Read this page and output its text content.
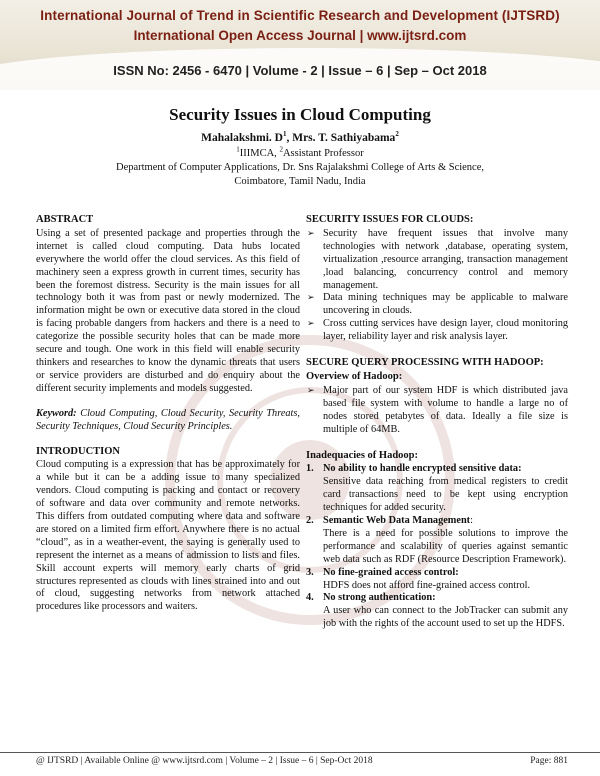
International Journal of Trend in Scientific Research and Development (IJTSRD)
International Open Access Journal | www.ijtsrd.com
ISSN No: 2456 - 6470 | Volume - 2 | Issue – 6 | Sep – Oct 2018
Security Issues in Cloud Computing
Mahalakshmi. $D^1$, Mrs. T. Sathiyabama$^2$
$^1$IIIMCA, $^2$Assistant Professor
Department of Computer Applications, Dr. Sns Rajalakshmi College of Arts & Science,
Coimbatore, Tamil Nadu, India
ABSTRACT
Using a set of presented package and properties through the internet is called cloud computing. Data hubs located everywhere the world offer the cloud services. As this field of machinery seen a express growth in current times, security has been the foremost distress. Security is the main issues for all technology both it was from past or newly modernized. The information might be own or executive data stored in the cloud is facing probable dangers from hackers and there is a need to categorize the possible security holes that can be made more secure and tough. One work in this field will enable security thinkers and researches to know the dynamic threats that users or service providers are disturbed and do enquiry about the different security implements and models suggested.
Keyword: Cloud Computing, Cloud Security, Security Threats, Security Techniques, Cloud Security Principles.
INTRODUCTION
Cloud computing is a expression that has be approximately for a while but it can be a adding issue to many specialized vendors. Cloud computing is packing and contact or recovery of software and data over community and remote networks. This differs from outdated computing where data and software are stored on a limited firm effort. Anywhere there is no actual “cloud”, as in a weather-event, the saying is generally used to represent the internet as a means of admission to lists and files. Skill account experts will memory early charts of grid structures represented as clouds with lines strained into and out of cloud, suggesting networks from network attached procedures like processors and waiters.
SECURITY ISSUES FOR CLOUDS:
➢ Security have frequent issues that involve many technologies with network ,database, operating system, virtualization ,resource arranging, transaction management ,load balancing, concurrency control and memory management.
➢ Data mining techniques may be applicable to malware uncovering in clouds.
➢ Cross cutting services have design layer, cloud monitoring layer, reliability layer and risk analysis layer.
SECURE QUERY PROCESSING WITH HADOOP:
Overview of Hadoop:
➢ Major part of our system HDF is which distributed java based file system with volume to handle a large no of nodes stored petabytes of data. Ideally a file size is multiple of 64MB.
Inadequacies of Hadoop:
1. No ability to handle encrypted sensitive data:
Sensitive data reaching from medical registers to credit card transactions need to be kept using encryption techniques for added security.
2. Semantic Web Data Management:
There is a need for possible solutions to improve the performance and scalability of queries against semantic web data such as RDF (Resource Description Framework).
3. No fine-grained access control:
HDFS does not afford fine-grained access control.
4. No strong authentication:
A user who can connect to the JobTracker can submit any job with the rights of the account used to set up the HDFS.
@ IJTSRD | Available Online @ www.ijtsrd.com | Volume – 2 | Issue – 6 | Sep-Oct 2018	Page: 881
